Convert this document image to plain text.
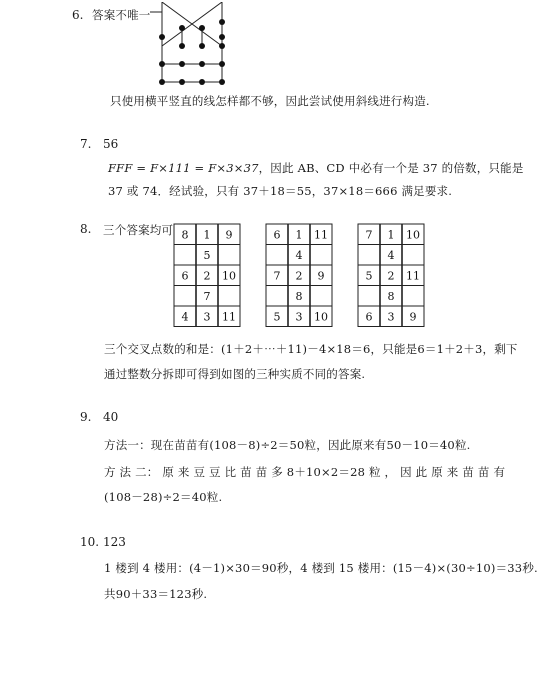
6. 答案不唯一
只使用横平竖直的线怎样都不够，因此尝试使用斜线进行构造.
7. 56
FFF = F×111 = F×3×37，因此 AB、CD 中必有一个是 37 的倍数，只能是
37 或 74．经试验，只有 37＋18＝55，37×18＝666 满足要求.
8. 三个答案均可 8 1 9
5
6 2 10
7
4 3 11
6 1 11
4
7 2 9
8
5 3 10
7 1 10
4
5 2 11
8
6 3 9
三个交叉点数的和是：(1＋2＋⋯＋11)－4×18＝6，只能是6＝1＋2＋3，剩下
通过整数分拆即可得到如图的三种实质不同的答案.
9. 40
方法一：现在苗苗有(108－8)÷2＝50粒，因此原来有50－10＝40粒.
方 法 二： 原 来 豆 豆 比 苗 苗 多 8＋10×2＝28 粒 ， 因 此 原 来 苗 苗 有
(108－28)÷2＝40粒.
10. 123
1 楼到 4 楼用：(4－1)×30＝90秒，4 楼到 15 楼用：(15－4)×(30÷10)＝33秒.
共90＋33＝123秒.
